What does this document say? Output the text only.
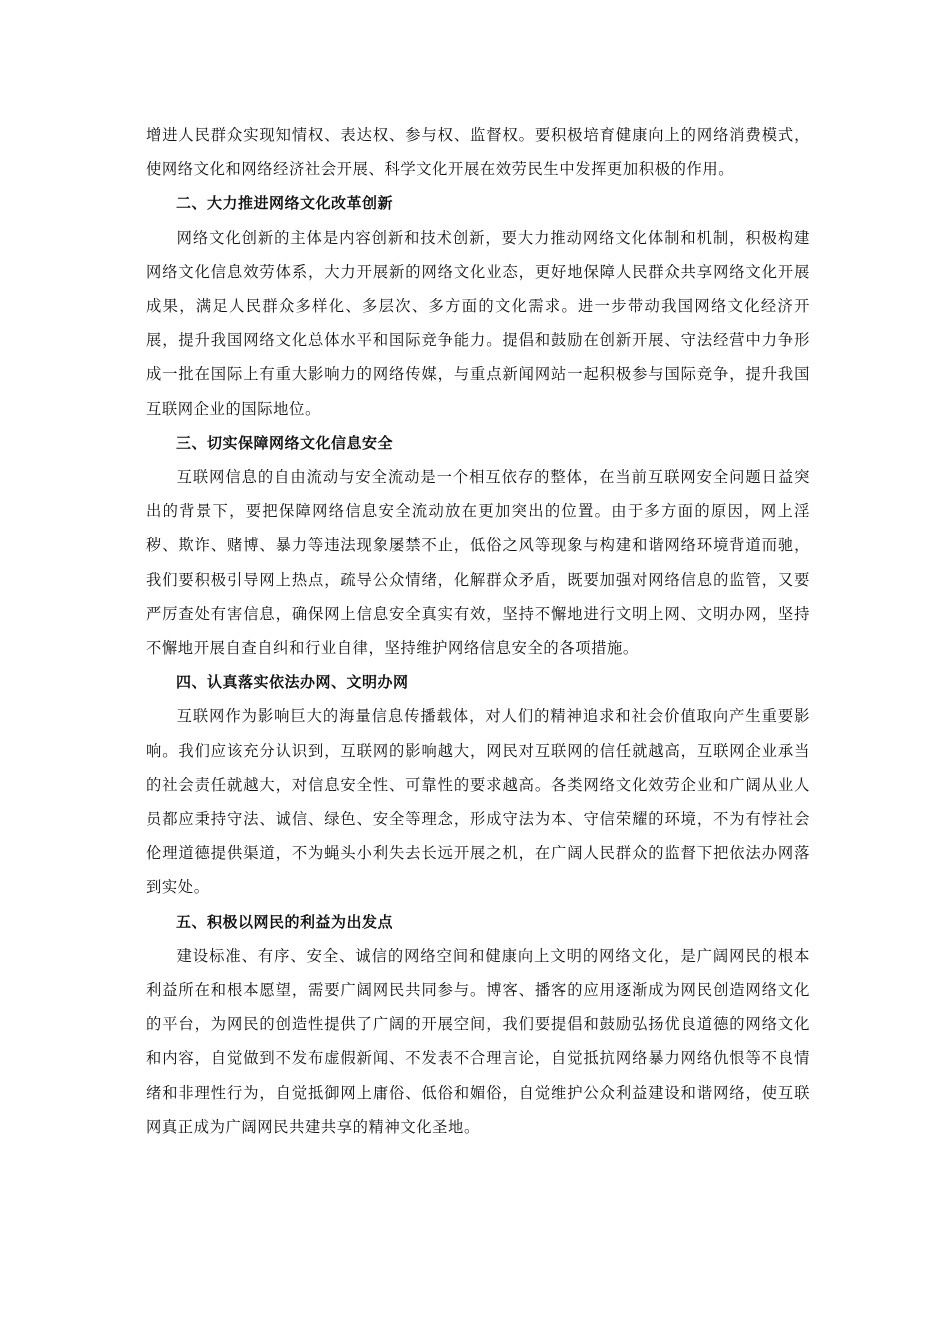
增进人民群众实现知情权、表达权、参与权、监督权。要积极培育健康向上的网络消费模式，使网络文化和网络经济社会开展、科学文化开展在效劳民生中发挥更加积极的作用。

二、大力推进网络文化改革创新

网络文化创新的主体是内容创新和技术创新，要大力推动网络文化体制和机制，积极构建网络文化信息效劳体系，大力开展新的网络文化业态，更好地保障人民群众共享网络文化开展成果，满足人民群众多样化、多层次、多方面的文化需求。进一步带动我国网络文化经济开展，提升我国网络文化总体水平和国际竞争能力。提倡和鼓励在创新开展、守法经营中力争形成一批在国际上有重大影响力的网络传媒，与重点新闻网站一起积极参与国际竞争，提升我国互联网企业的国际地位。

三、切实保障网络文化信息安全

互联网信息的自由流动与安全流动是一个相互依存的整体，在当前互联网安全问题日益突出的背景下，要把保障网络信息安全流动放在更加突出的位置。由于多方面的原因，网上淫秽、欺诈、赌博、暴力等违法现象屡禁不止，低俗之风等现象与构建和谐网络环境背道而驰，我们要积极引导网上热点，疏导公众情绪，化解群众矛盾，既要加强对网络信息的监管，又要严厉查处有害信息，确保网上信息安全真实有效，坚持不懈地进行文明上网、文明办网，坚持不懈地开展自查自纠和行业自律，坚持维护网络信息安全的各项措施。

四、认真落实依法办网、文明办网

互联网作为影响巨大的海量信息传播载体，对人们的精神追求和社会价值取向产生重要影响。我们应该充分认识到，互联网的影响越大，网民对互联网的信任就越高，互联网企业承当的社会责任就越大，对信息安全性、可靠性的要求越高。各类网络文化效劳企业和广阔从业人员都应秉持守法、诚信、绿色、安全等理念，形成守法为本、守信荣耀的环境，不为有悖社会伦理道德提供渠道，不为蝇头小利失去长远开展之机，在广阔人民群众的监督下把依法办网落到实处。

五、积极以网民的利益为出发点

建设标准、有序、安全、诚信的网络空间和健康向上文明的网络文化，是广阔网民的根本利益所在和根本愿望，需要广阔网民共同参与。博客、播客的应用逐渐成为网民创造网络文化的平台，为网民的创造性提供了广阔的开展空间，我们要提倡和鼓励弘扬优良道德的网络文化和内容，自觉做到不发布虚假新闻、不发表不合理言论，自觉抵抗网络暴力网络仇恨等不良情绪和非理性行为，自觉抵御网上庸俗、低俗和媚俗，自觉维护公众利益建设和谐网络，使互联网真正成为广阔网民共建共享的精神文化圣地。
